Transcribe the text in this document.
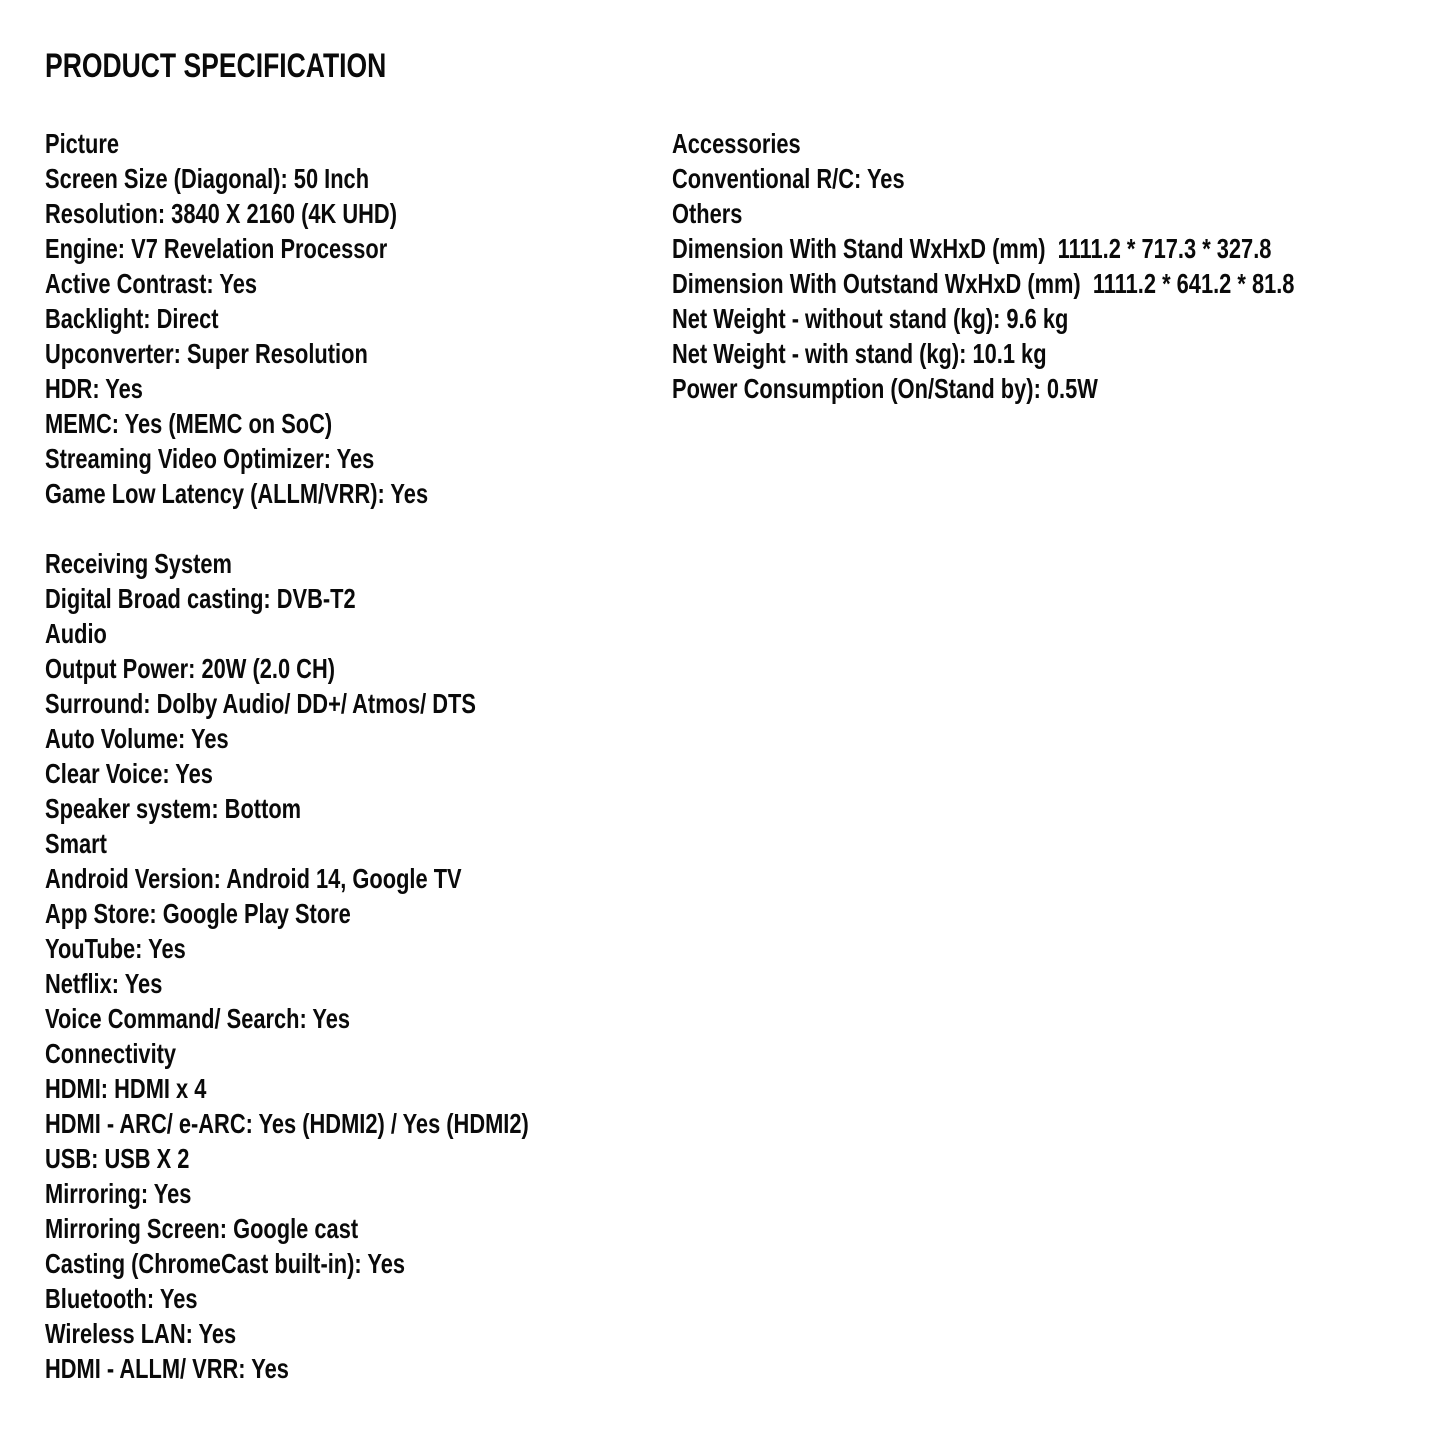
PRODUCT SPECIFICATION
Picture
Screen Size (Diagonal): 50 Inch
Resolution: 3840 X 2160 (4K UHD)
Engine: V7 Revelation Processor
Active Contrast: Yes
Backlight: Direct
Upconverter: Super Resolution
HDR: Yes
MEMC: Yes (MEMC on SoC)
Streaming Video Optimizer: Yes
Game Low Latency (ALLM/VRR): Yes
Receiving System
Digital Broad casting: DVB-T2
Audio
Output Power: 20W (2.0 CH)
Surround: Dolby Audio/ DD+/ Atmos/ DTS
Auto Volume: Yes
Clear Voice: Yes
Speaker system: Bottom
Smart
Android Version: Android 14, Google TV
App Store: Google Play Store
YouTube: Yes
Netflix: Yes
Voice Command/ Search: Yes
Connectivity
HDMI: HDMI x 4
HDMI - ARC/ e-ARC: Yes (HDMI2) / Yes (HDMI2)
USB: USB X 2
Mirroring: Yes
Mirroring Screen: Google cast
Casting (ChromeCast built-in): Yes
Bluetooth: Yes
Wireless LAN: Yes
HDMI - ALLM/ VRR: Yes
Accessories
Conventional R/C: Yes
Others
Dimension With Stand WxHxD (mm)  1111.2 * 717.3 * 327.8
Dimension With Outstand WxHxD (mm)  1111.2 * 641.2 * 81.8
Net Weight - without stand (kg): 9.6 kg
Net Weight - with stand (kg): 10.1 kg
Power Consumption (On/Stand by): 0.5W
